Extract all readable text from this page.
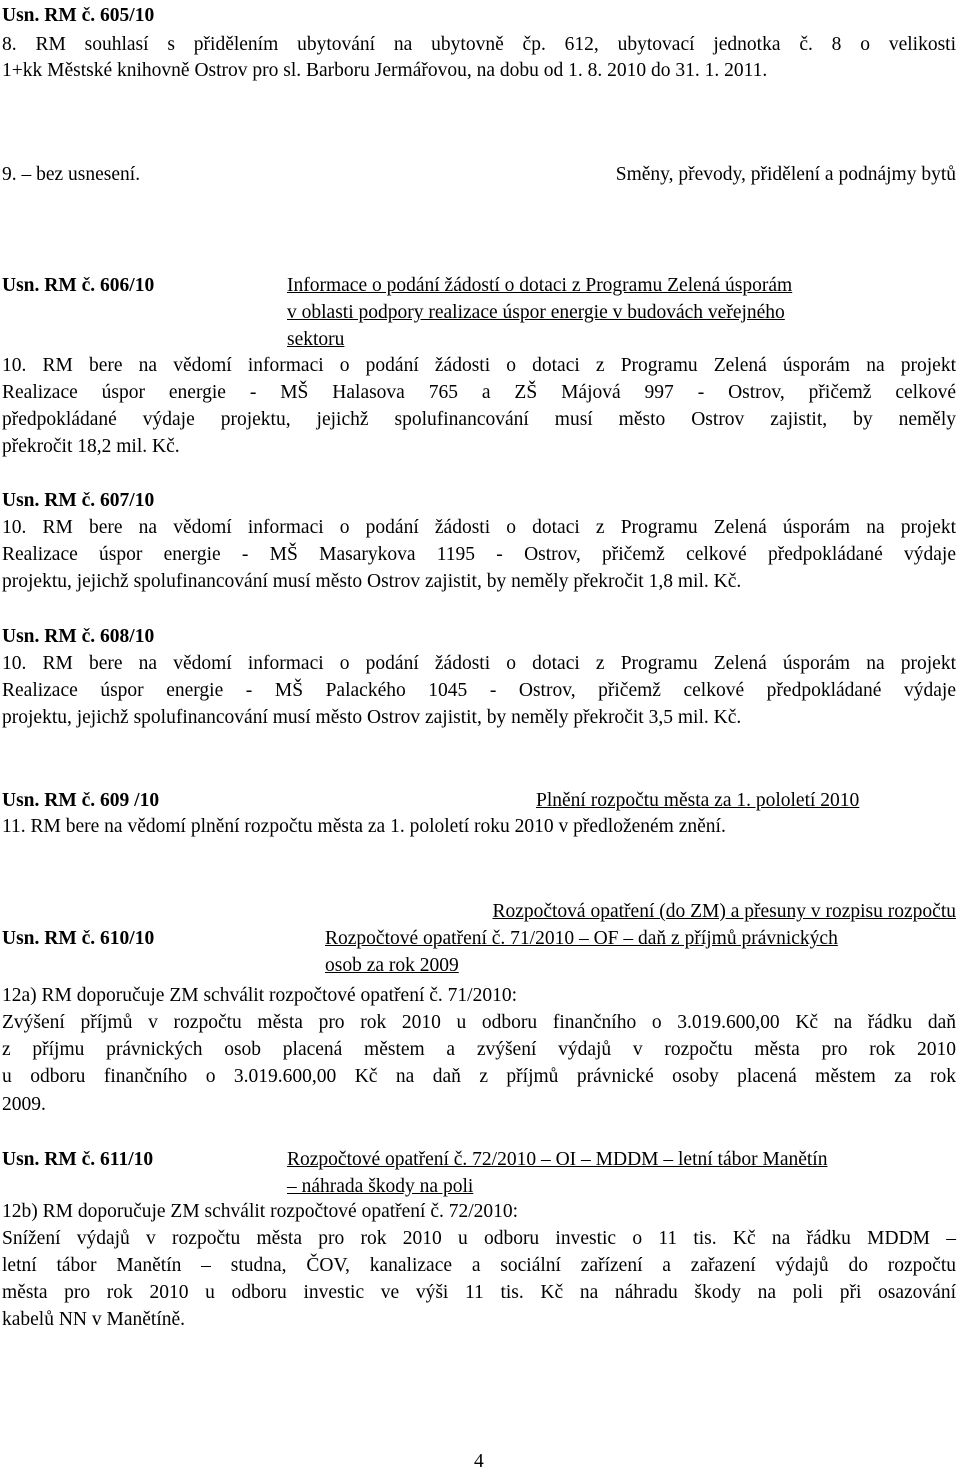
Usn. RM č. 605/10
8. RM souhlasí s přidělením ubytování na ubytovně čp. 612, ubytovací jednotka č. 8 o velikosti
1+kk Městské knihovně Ostrov pro sl. Barboru Jermářovou, na dobu od 1. 8. 2010 do 31. 1. 2011.
9. – bez usnesení.	Směny, převody, přidělení a podnájmy bytů
Usn. RM č. 606/10	Informace o podání žádostí o dotaci z Programu Zelená úsporám
v oblasti podpory realizace úspor energie v budovách veřejného
sektoru
10. RM bere na vědomí informaci o podání žádosti o dotaci z Programu Zelená úsporám na projekt
Realizace úspor energie - MŠ Halasova 765 a ZŠ Májová 997 - Ostrov, přičemž celkové
předpokládané výdaje projektu, jejichž spolufinancování musí město Ostrov zajistit, by neměly
překročit 18,2 mil. Kč.
Usn. RM č. 607/10
10. RM bere na vědomí informaci o podání žádosti o dotaci z Programu Zelená úsporám na projekt
Realizace úspor energie - MŠ Masarykova 1195 - Ostrov, přičemž celkové předpokládané výdaje
projektu, jejichž spolufinancování musí město Ostrov zajistit, by neměly překročit 1,8 mil. Kč.
Usn. RM č. 608/10
10. RM bere na vědomí informaci o podání žádosti o dotaci z Programu Zelená úsporám na projekt
Realizace úspor energie - MŠ Palackého 1045 - Ostrov, přičemž celkové předpokládané výdaje
projektu, jejichž spolufinancování musí město Ostrov zajistit, by neměly překročit 3,5 mil. Kč.
Usn. RM č. 609 /10	Plnění rozpočtu města za 1. pololetí 2010
11. RM bere na vědomí plnění rozpočtu města za 1. pololetí roku 2010 v předloženém znění.
Rozpočtová opatření (do ZM) a přesuny v rozpisu rozpočtu
Usn. RM č. 610/10	Rozpočtové opatření č. 71/2010 – OF – daň z příjmů právnických
osob za rok 2009
12a) RM doporučuje ZM schválit rozpočtové opatření č. 71/2010:
Zvýšení příjmů v rozpočtu města pro rok 2010 u odboru finančního o 3.019.600,00 Kč na řádku daň
z příjmu právnických osob placená městem a zvýšení výdajů v rozpočtu města pro rok 2010
u odboru finančního o 3.019.600,00 Kč na daň z příjmů právnické osoby placená městem za rok
2009.
Usn. RM č. 611/10	Rozpočtové opatření č. 72/2010 – OI – MDDM – letní tábor Manětín
– náhrada škody na poli
12b) RM doporučuje ZM schválit rozpočtové opatření č. 72/2010:
Snížení výdajů v rozpočtu města pro rok 2010 u odboru investic o 11 tis. Kč na řádku MDDM –
letní tábor Manětín – studna, ČOV, kanalizace a sociální zařízení a zařazení výdajů do rozpočtu
města pro rok 2010 u odboru investic ve výši 11 tis. Kč na náhradu škody na poli při osazování
kabelů NN v Manětíně.
4
